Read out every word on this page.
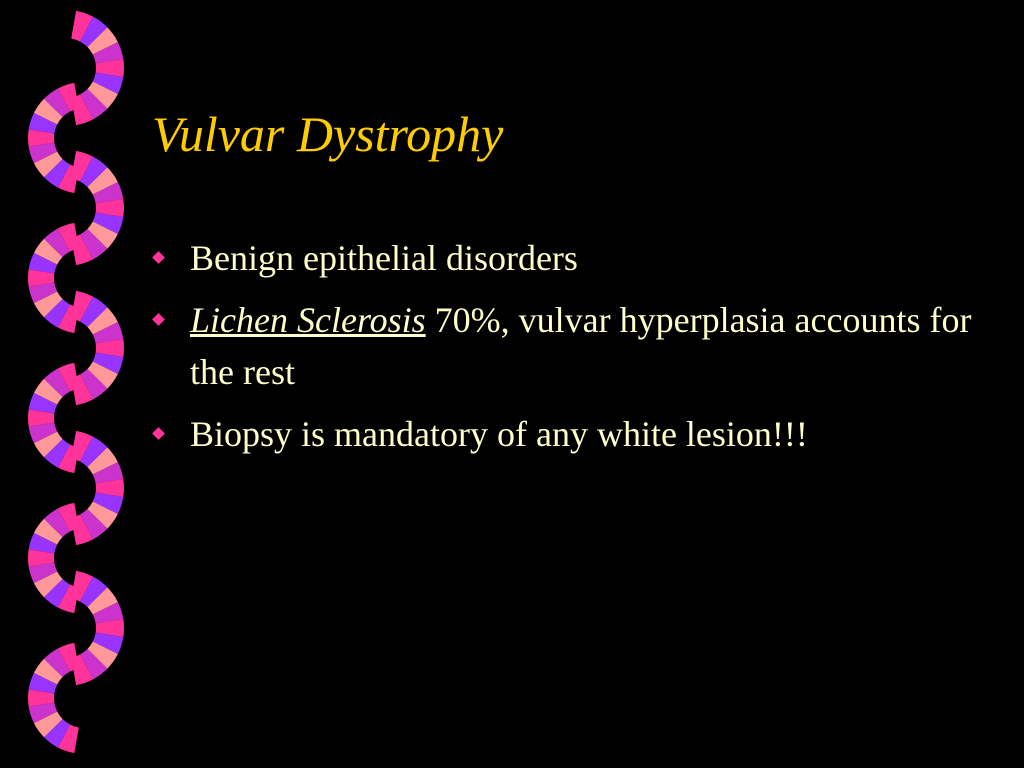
Vulvar Dystrophy
Benign epithelial disorders
Lichen Sclerosis 70%, vulvar hyperplasia accounts for the rest
Biopsy is mandatory of any white lesion!!!
